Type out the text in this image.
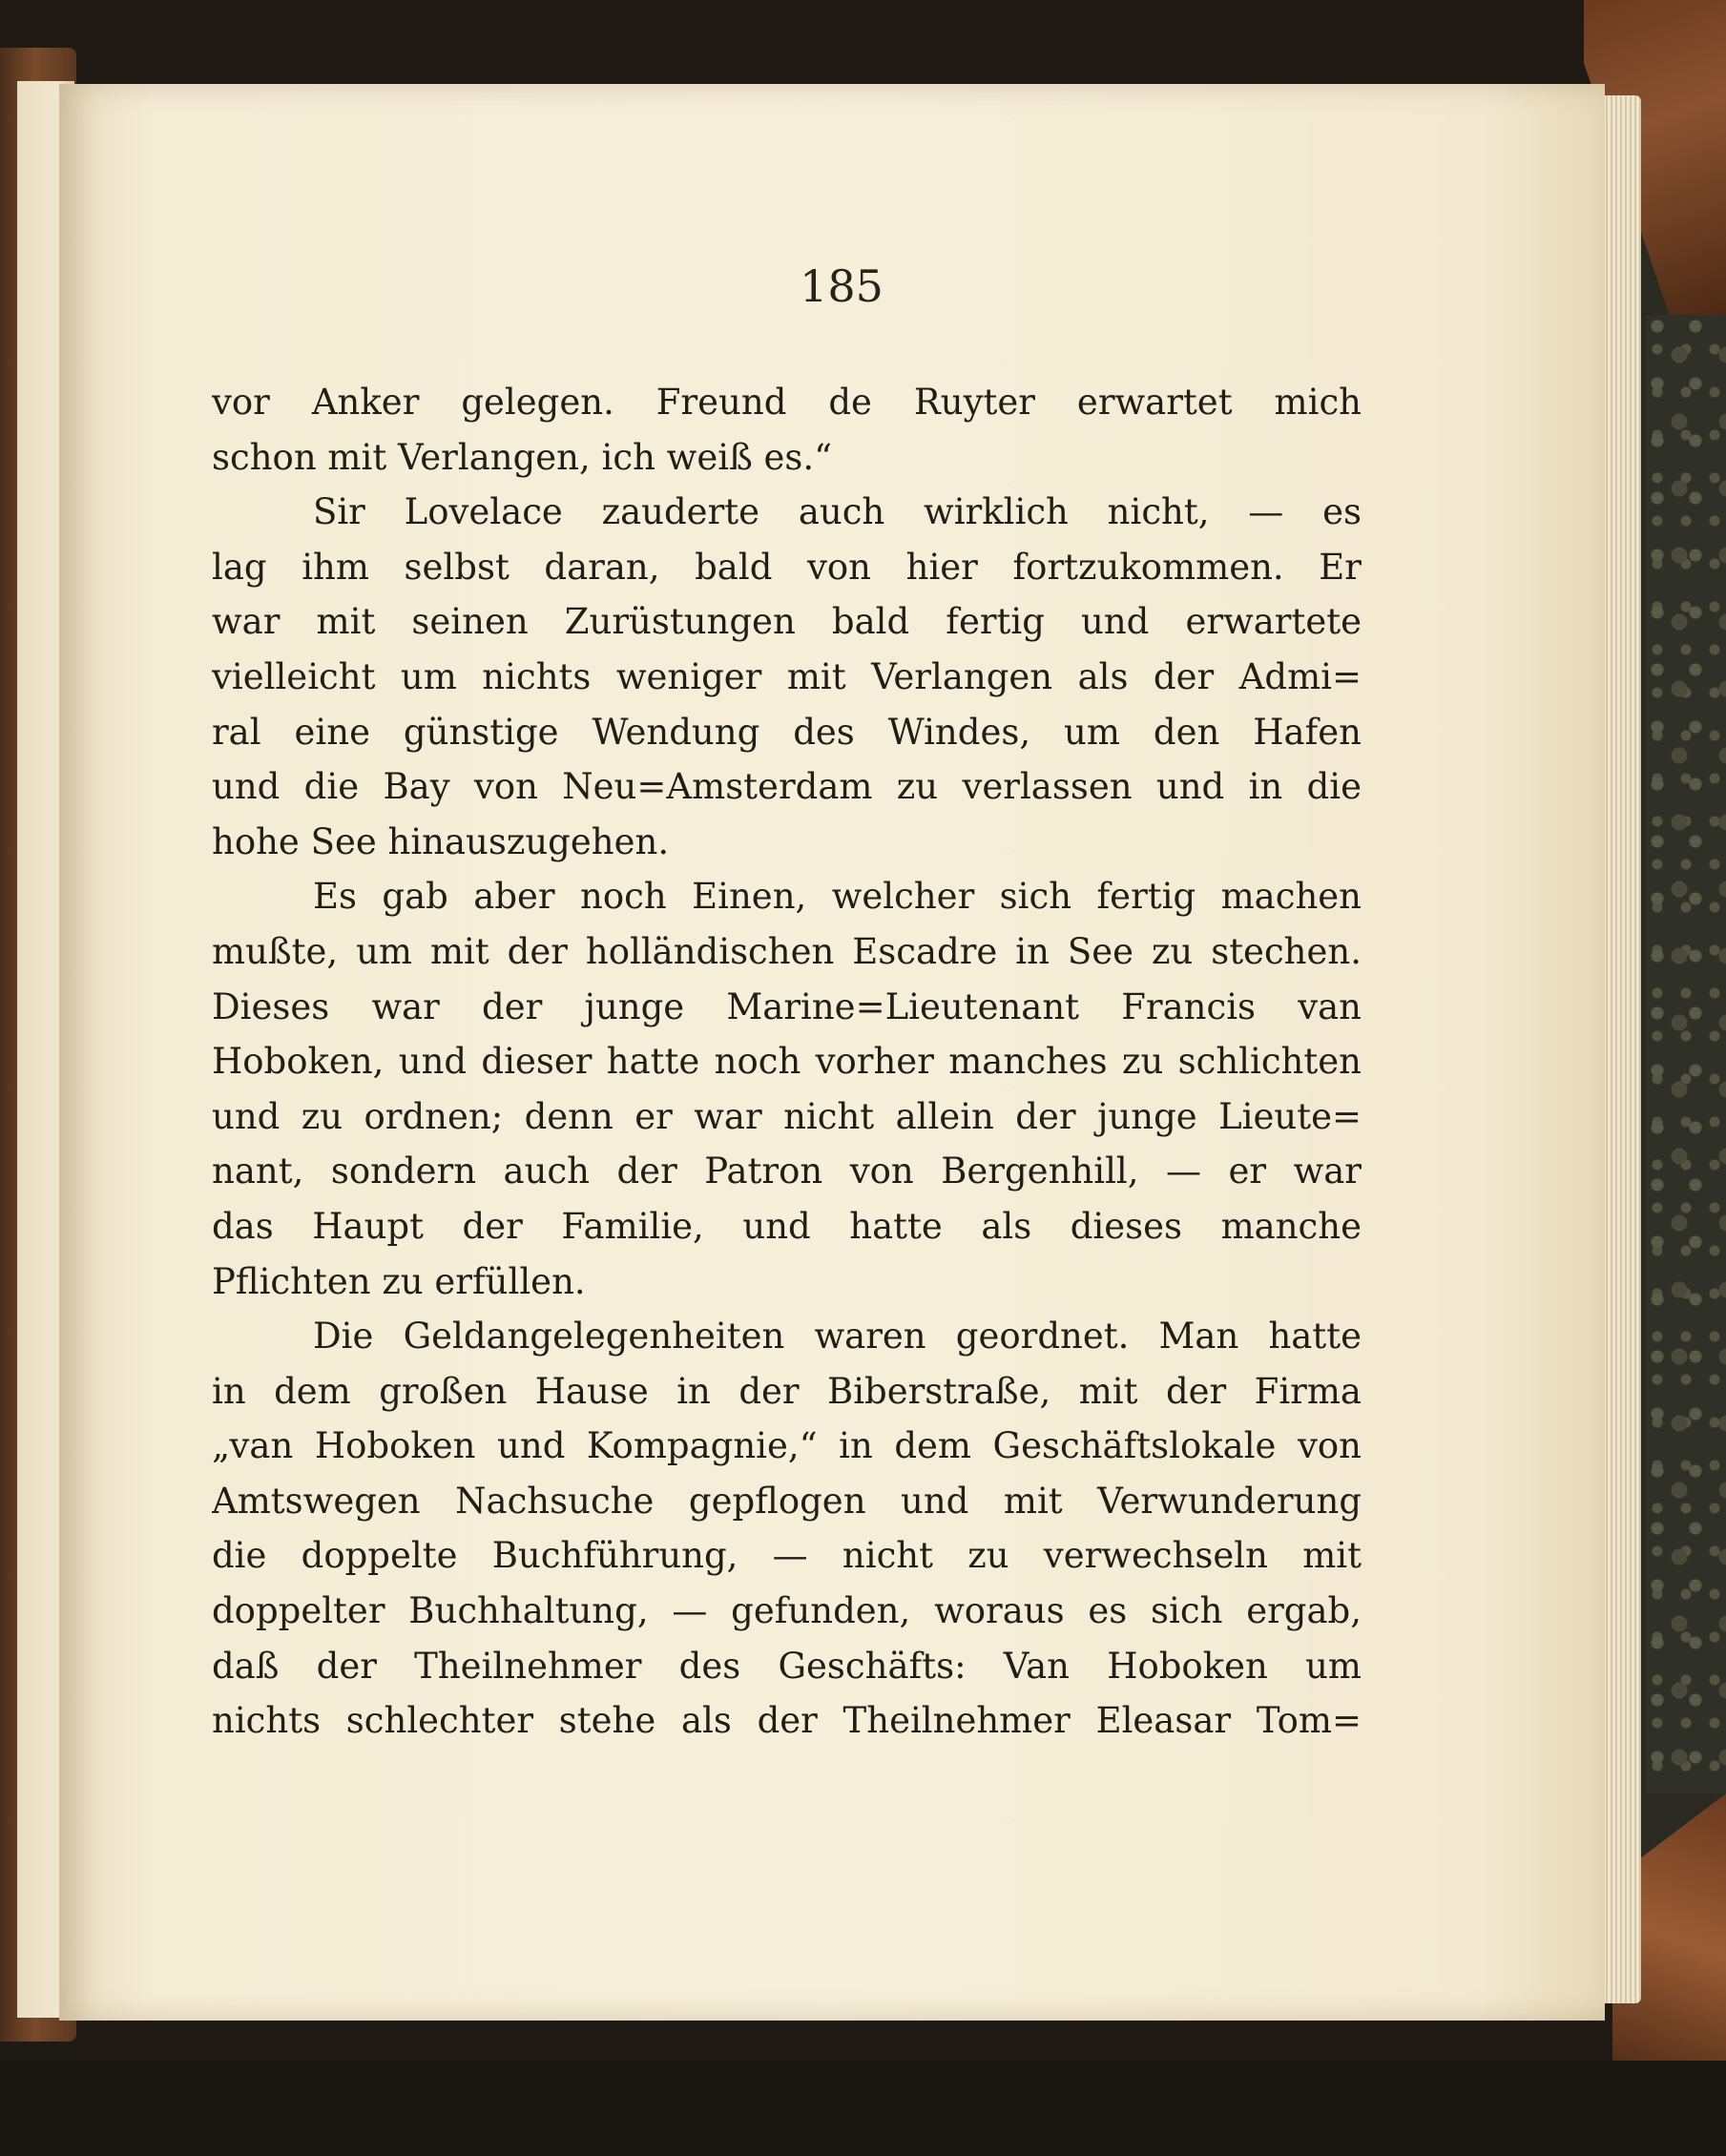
185
vor Anker gelegen. Freund de Ruyter erwartet mich
schon mit Verlangen, ich weiß es.“
Sir Lovelace zauderte auch wirklich nicht, — es
lag ihm selbst daran, bald von hier fortzukommen. Er
war mit seinen Zurüstungen bald fertig und erwartete
vielleicht um nichts weniger mit Verlangen als der Admi=
ral eine günstige Wendung des Windes, um den Hafen
und die Bay von Neu=Amsterdam zu verlassen und in die
hohe See hinauszugehen.
Es gab aber noch Einen, welcher sich fertig machen
mußte, um mit der holländischen Escadre in See zu stechen.
Dieses war der junge Marine=Lieutenant Francis van
Hoboken, und dieser hatte noch vorher manches zu schlichten
und zu ordnen; denn er war nicht allein der junge Lieute=
nant, sondern auch der Patron von Bergenhill, — er war
das Haupt der Familie, und hatte als dieses manche
Pflichten zu erfüllen.
Die Geldangelegenheiten waren geordnet. Man hatte
in dem großen Hause in der Biberstraße, mit der Firma
„van Hoboken und Kompagnie,“ in dem Geschäftslokale von
Amtswegen Nachsuche gepflogen und mit Verwunderung
die doppelte Buchführung, — nicht zu verwechseln mit
doppelter Buchhaltung, — gefunden, woraus es sich ergab,
daß der Theilnehmer des Geschäfts: Van Hoboken um
nichts schlechter stehe als der Theilnehmer Eleasar Tom=
